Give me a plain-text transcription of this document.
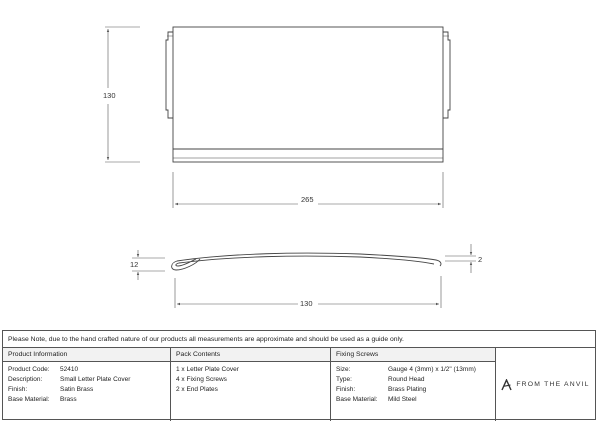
130
265
12
2
130
Please Note, due to the hand crafted nature of our products all measurements are approximate and should be used as a guide only.
Product Information
Product Code:	52410
Description:	Small Letter Plate Cover
Finish:	Satin Brass
Base Material:	Brass
Pack Contents
1 x Letter Plate Cover
4 x Fixing Screws
2 x End Plates
Fixing Screws
Size:	Gauge 4 (3mm) x 1/2" (13mm)
Type:	Round Head
Finish:	Brass Plating
Base Material:	Mild Steel
FROM THE ANVIL
